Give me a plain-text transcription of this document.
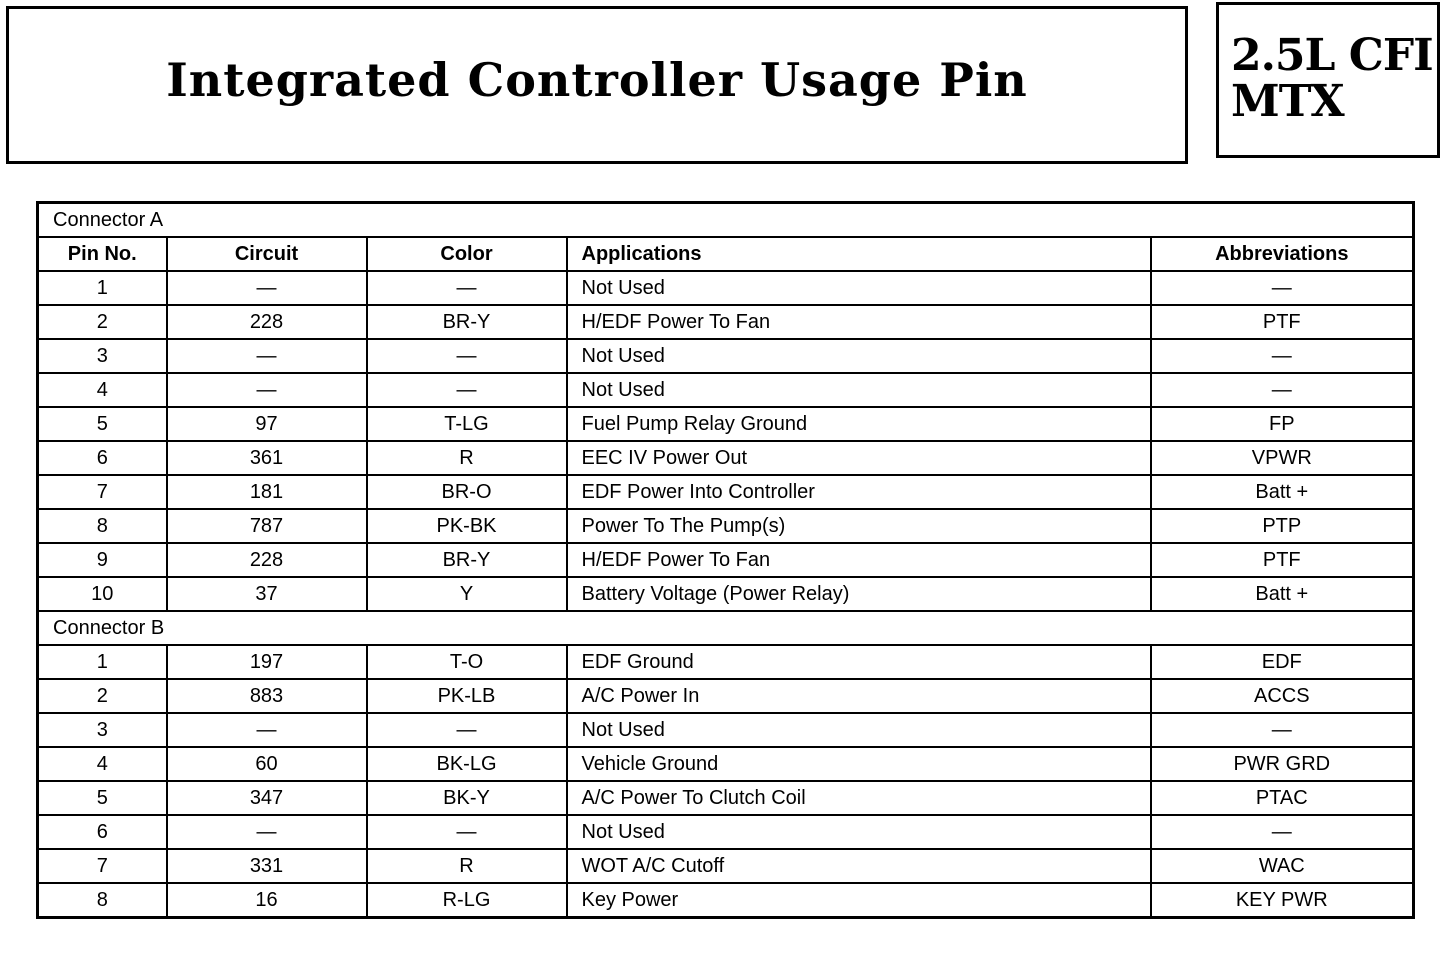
Integrated Controller Usage Pin	2.5L CFI
MTX
Connector A				
Pin No.	Circuit	Color	Applications	Abbreviations
1	—	—	Not Used	—
2	228	BR-Y	H/EDF Power To Fan	PTF
3	—	—	Not Used	—
4	—	—	Not Used	—
5	97	T-LG	Fuel Pump Relay Ground	FP
6	361	R	EEC IV Power Out	VPWR
7	181	BR-O	EDF Power Into Controller	Batt +
8	787	PK-BK	Power To The Pump(s)	PTP
9	228	BR-Y	H/EDF Power To Fan	PTF
10	37	Y	Battery Voltage (Power Relay)	Batt +
Connector B				
1	197	T-O	EDF Ground	EDF
2	883	PK-LB	A/C Power In	ACCS
3	—	—	Not Used	—
4	60	BK-LG	Vehicle Ground	PWR GRD
5	347	BK-Y	A/C Power To Clutch Coil	PTAC
6	—	—	Not Used	—
7	331	R	WOT A/C Cutoff	WAC
8	16	R-LG	Key Power	KEY PWR
